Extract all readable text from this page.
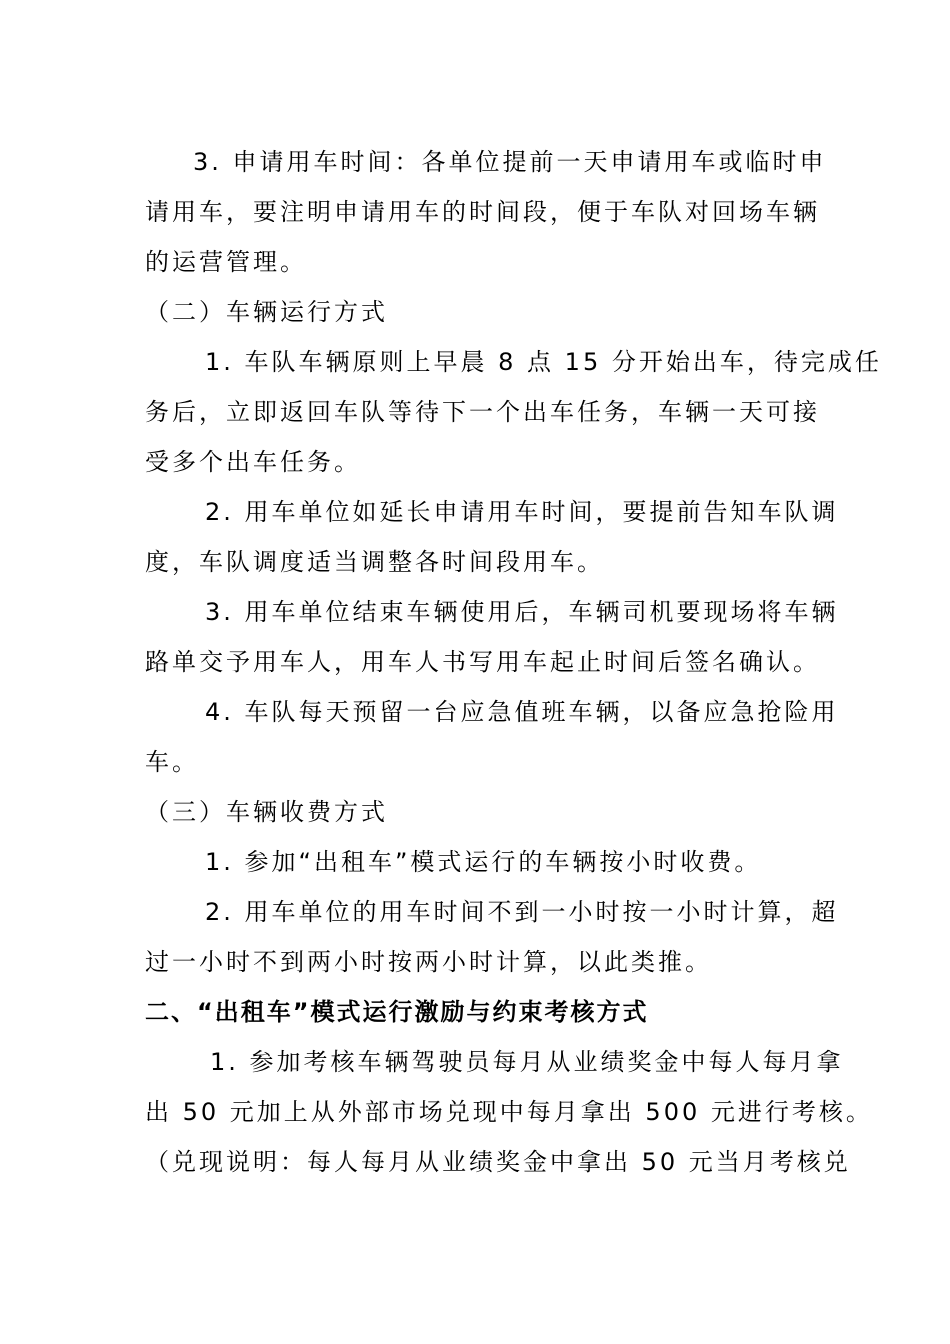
3. 申请用车时间：各单位提前一天申请用车或临时申
请用车，要注明申请用车的时间段，便于车队对回场车辆
的运营管理。
（二）车辆运行方式
1. 车队车辆原则上早晨 8 点 15 分开始出车，待完成任
务后，立即返回车队等待下一个出车任务，车辆一天可接
受多个出车任务。
2. 用车单位如延长申请用车时间，要提前告知车队调
度，车队调度适当调整各时间段用车。
3. 用车单位结束车辆使用后，车辆司机要现场将车辆
路单交予用车人，用车人书写用车起止时间后签名确认。
4. 车队每天预留一台应急值班车辆，以备应急抢险用
车。
（三）车辆收费方式
1. 参加“出租车”模式运行的车辆按小时收费。
2. 用车单位的用车时间不到一小时按一小时计算，超
过一小时不到两小时按两小时计算，以此类推。
二、“出租车”模式运行激励与约束考核方式
1. 参加考核车辆驾驶员每月从业绩奖金中每人每月拿
出 50 元加上从外部市场兑现中每月拿出 500 元进行考核。
（兑现说明：每人每月从业绩奖金中拿出 50 元当月考核兑
